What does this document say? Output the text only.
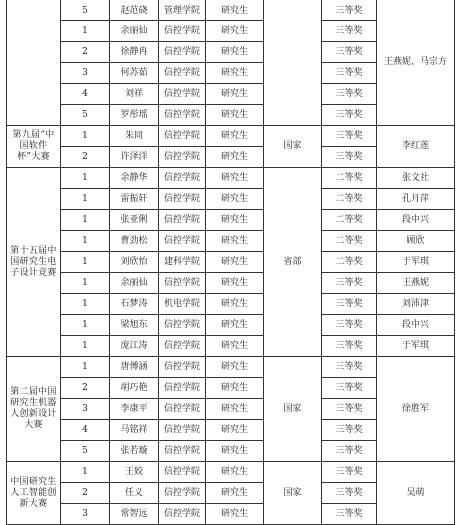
	5	赵范硗	管理学院	研究生		三等奖	王燕妮、马宗方
	1	余丽仙	信控学院	研究生		三等奖	
	2	徐静冉	信控学院	研究生		三等奖	
	3	何苏茹	信控学院	研究生		三等奖	
	4	刘祥	信控学院	研究生		三等奖	
	5	罗彤瑶	信控学院	研究生		三等奖	
第九届“中国软件杯”大赛	1	朱同	信控学院	研究生	国家	三等奖	李红莲
	2	许泽洋	信控学院	研究生		三等奖	
第十五届中国研究生电子设计竞赛	1	余静华	信控学院	研究生	省部	二等奖	张文社
	1	雷振轩	信控学院	研究生		二等奖	孔月萍
	1	张亚俐	信控学院	研究生		二等奖	段中兴
	1	曹劲松	信控学院	研究生		二等奖	顾欣
	1	刘欣怡	建科学院	研究生		二等奖	于军琪
	1	余丽仙	信控学院	研究生		三等奖	王燕妮
	1	石梦涛	机电学院	研究生		三等奖	刘沛津
	1	梁旭东	信控学院	研究生		三等奖	段中兴
	1	庞江涛	信控学院	研究生		三等奖	于军琪
第二届中国研究生机器人创新设计大赛	1	唐博涵	信控学院	研究生	国家	三等奖	徐胜军
	2	胡巧艳	信控学院	研究生		三等奖	
	3	李康平	信控学院	研究生		三等奖	
	4	马铭祥	信控学院	研究生		三等奖	
	5	张若璇	信控学院	研究生		三等奖	
中国研究生人工智能创新大赛	1	王姣	信控学院	研究生	国家	三等奖	吴萌
	2	任义	信控学院	研究生		三等奖	
	3	常智远	信控学院	研究生		三等奖	
